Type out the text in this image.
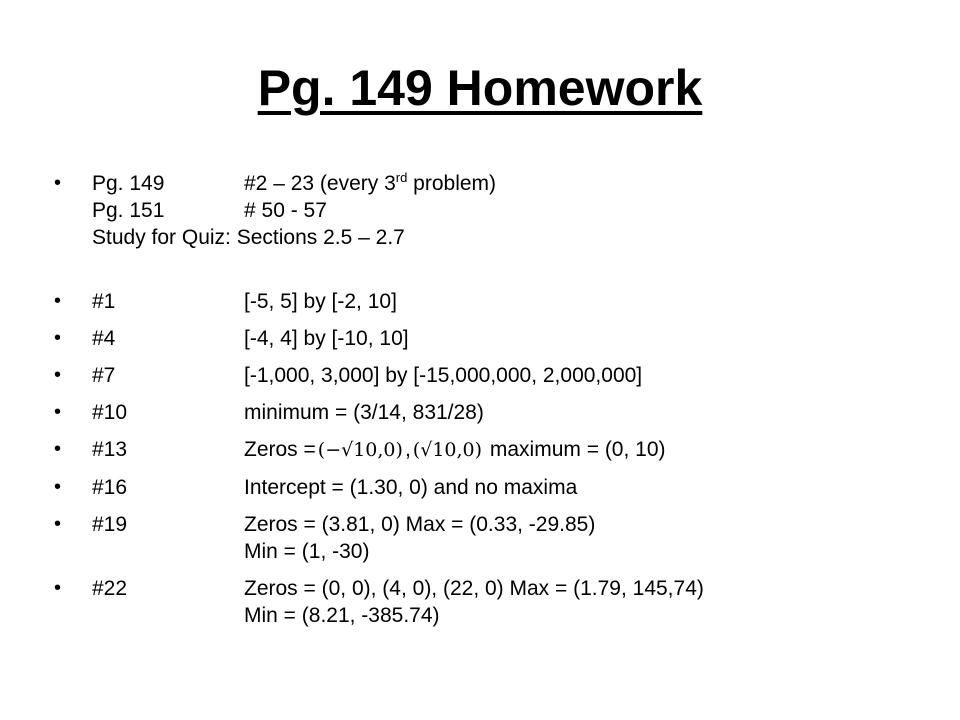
Pg. 149 Homework
•	Pg. 149	#2 – 23 (every 3rd problem)
Pg. 151	# 50 - 57
Study for Quiz: Sections 2.5 – 2.7
•	#1	[-5, 5] by [-2, 10]
•	#4	[-4, 4] by [-10, 10]
•	#7	[-1,000, 3,000] by [-15,000,000, 2,000,000]
•	#10	minimum = (3/14, 831/28)
•	#13	Zeros = (−√10,0), (√10,0) maximum = (0, 10)
•	#16	Intercept = (1.30, 0) and no maxima
•	#19	Zeros = (3.81, 0) Max = (0.33, -29.85)
Min = (1, -30)
•	#22	Zeros = (0, 0), (4, 0), (22, 0) Max = (1.79, 145,74)
Min = (8.21, -385.74)
